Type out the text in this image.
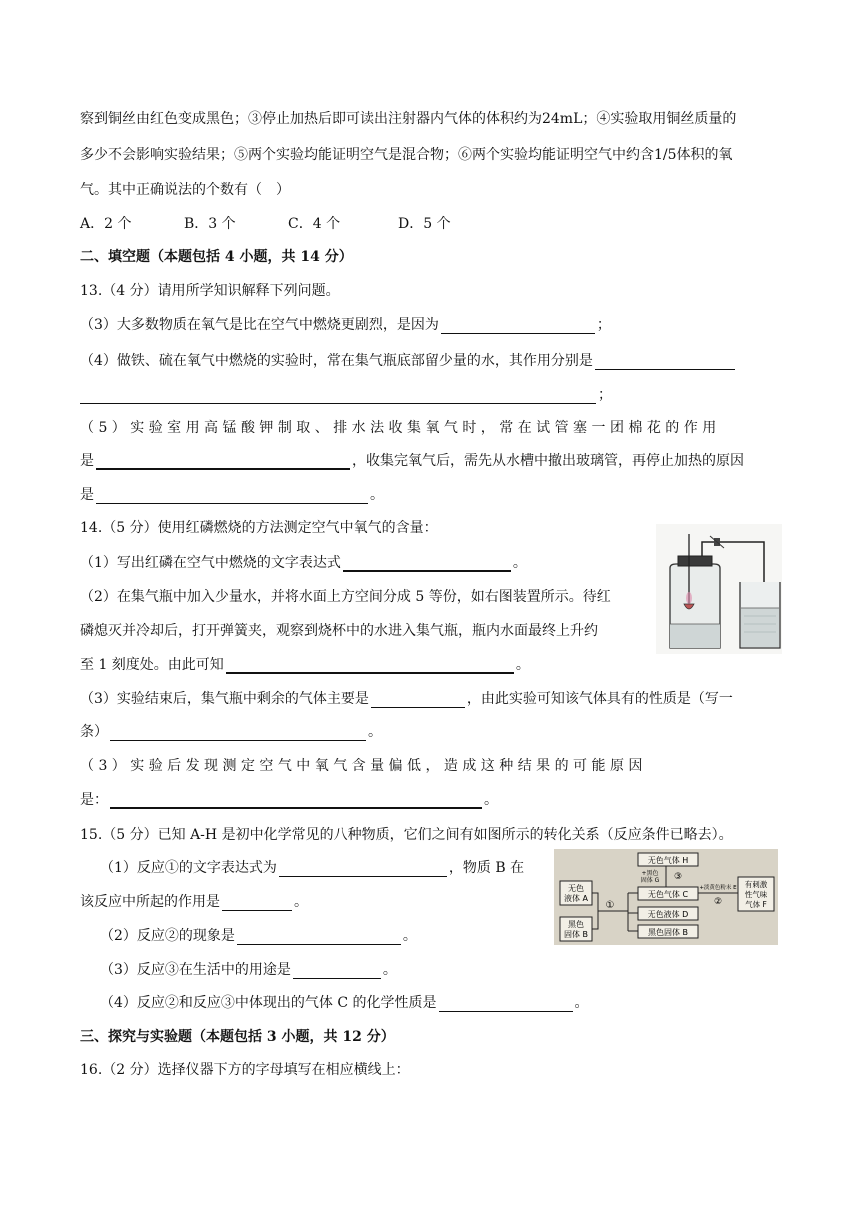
察到铜丝由红色变成黑色；③停止加热后即可读出注射器内气体的体积约为24mL；④实验取用铜丝质量的
多少不会影响实验结果；⑤两个实验均能证明空气是混合物；⑥两个实验均能证明空气中约含1/5体积的氧
气。其中正确说法的个数有（　）
A．2 个	B．3 个	C．4 个	D．5 个
二、填空题（本题包括 4 小题，共 14 分）
13.（4 分）请用所学知识解释下列问题。
（3）大多数物质在氧气是比在空气中燃烧更剧烈，是因为	；
（4）做铁、硫在氧气中燃烧的实验时，常在集气瓶底部留少量的水，其作用分别是
；
（ 5 ） 实 验 室 用 高 锰 酸 钾 制 取 、 排 水 法 收 集 氧 气 时 ， 常 在 试 管 塞 一 团 棉 花 的 作 用
是	，收集完氧气后，需先从水槽中撤出玻璃管，再停止加热的原因
是	。
14.（5 分）使用红磷燃烧的方法测定空气中氧气的含量：
（1）写出红磷在空气中燃烧的文字表达式	。
（2）在集气瓶中加入少量水，并将水面上方空间分成 5 等份，如右图装置所示。待红
磷熄灭并冷却后，打开弹簧夹，观察到烧杯中的水进入集气瓶，瓶内水面最终上升约
至 1 刻度处。由此可知	。
（3）实验结束后，集气瓶中剩余的气体主要是	，由此实验可知该气体具有的性质是（写一
条）	。
（ 3 ） 实 验 后 发 现 测 定 空 气 中 氧 气 含 量 偏 低 ， 造 成 这 种 结 果 的 可 能 原 因
是：	。
15.（5 分）已知 A-H 是初中化学常见的八种物质，它们之间有如图所示的转化关系（反应条件已略去）。
（1）反应①的文字表达式为	，物质 B 在
该反应中所起的作用是	。
（2）反应②的现象是	。
（3）反应③在生活中的用途是	。
（4）反应②和反应③中体现出的气体 C 的化学性质是	。
三、探究与实验题（本题包括 3 小题，共 12 分）
16.（2 分）选择仪器下方的字母填写在相应横线上：
无色
液体 A
黑色
固体 B
①
无色气体 H
+黑色
固体 G ③
无色气体 C
无色液体 D
黑色固体 B
+淡黄色粉末 E
②
有刺激
性气味
气体 F
